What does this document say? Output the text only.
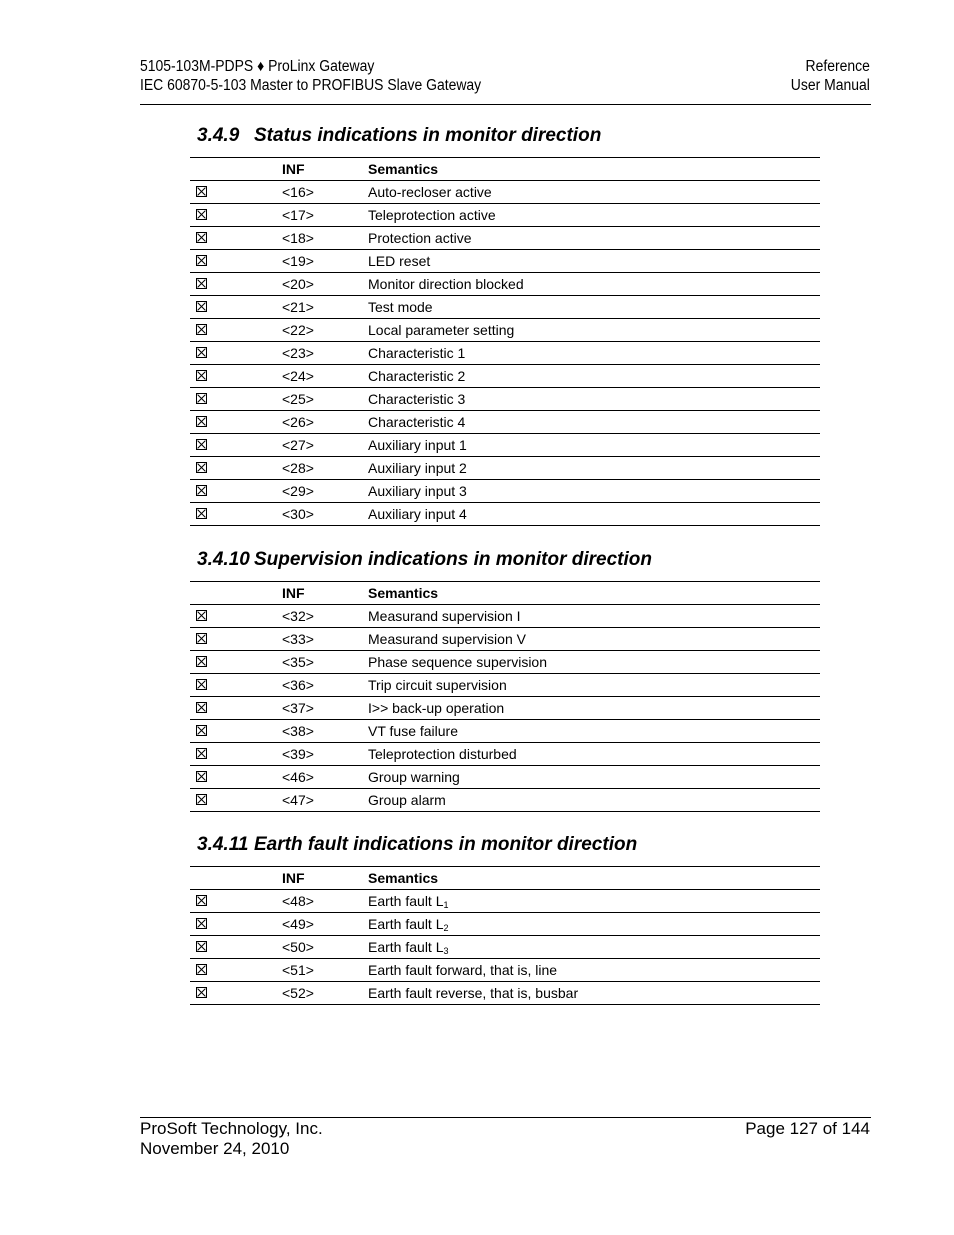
5105-103M-PDPS ♦ ProLinx Gateway
IEC 60870-5-103 Master to PROFIBUS Slave Gateway
Reference
User Manual
3.4.9 Status indications in monitor direction
	INF	Semantics
	<16>	Auto-recloser active
	<17>	Teleprotection active
	<18>	Protection active
	<19>	LED reset
	<20>	Monitor direction blocked
	<21>	Test mode
	<22>	Local parameter setting
	<23>	Characteristic 1
	<24>	Characteristic 2
	<25>	Characteristic 3
	<26>	Characteristic 4
	<27>	Auxiliary input 1
	<28>	Auxiliary input 2
	<29>	Auxiliary input 3
	<30>	Auxiliary input 4
3.4.10 Supervision indications in monitor direction
	INF	Semantics
	<32>	Measurand supervision I
	<33>	Measurand supervision V
	<35>	Phase sequence supervision
	<36>	Trip circuit supervision
	<37>	I>> back-up operation
	<38>	VT fuse failure
	<39>	Teleprotection disturbed
	<46>	Group warning
	<47>	Group alarm
3.4.11 Earth fault indications in monitor direction
	INF	Semantics
	<48>	Earth fault $L_1$
	<49>	Earth fault $L_2$
	<50>	Earth fault $L_3$
	<51>	Earth fault forward, that is, line
	<52>	Earth fault reverse, that is, busbar
ProSoft Technology, Inc.
November 24, 2010
Page 127 of 144
